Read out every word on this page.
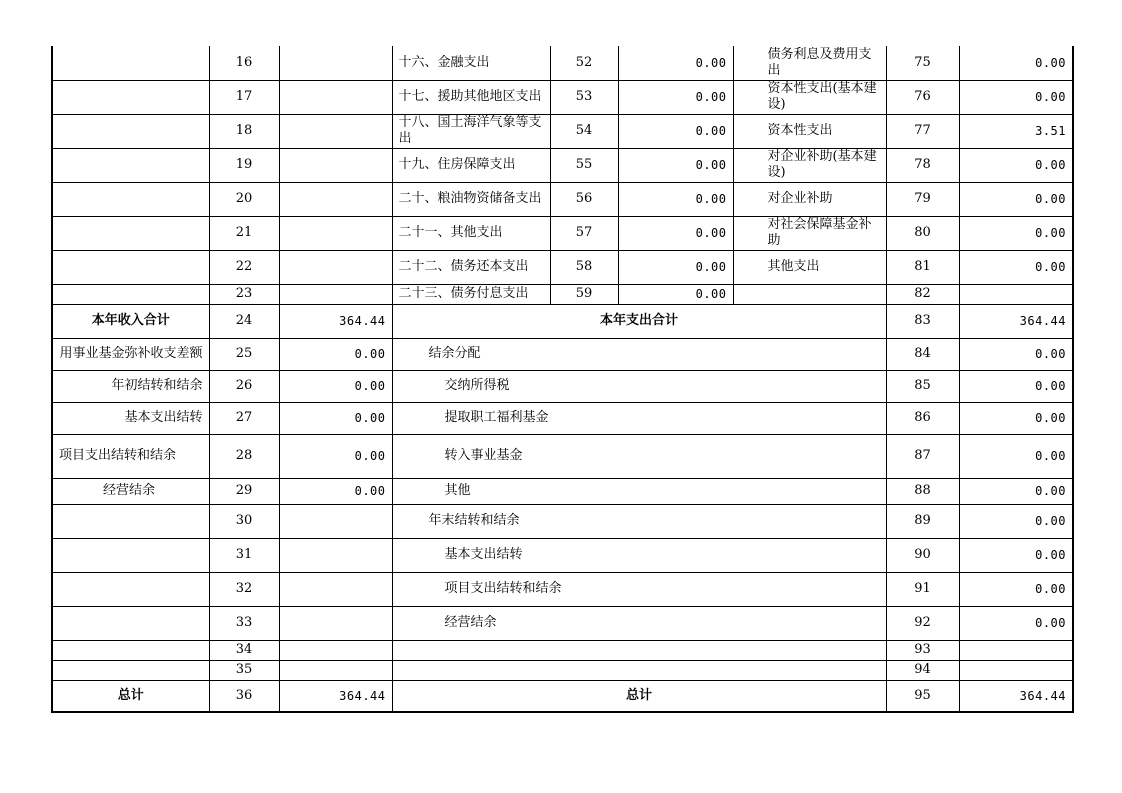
	16		十六、金融支出	52	0.00	债务利息及费用支出	75	0.00
	17		十七、援助其他地区支出	53	0.00	资本性支出(基本建设)	76	0.00
	18		十八、国土海洋气象等支出	54	0.00	资本性支出	77	3.51
	19		十九、住房保障支出	55	0.00	对企业补助(基本建设)	78	0.00
	20		二十、粮油物资储备支出	56	0.00	对企业补助	79	0.00
	21		二十一、其他支出	57	0.00	对社会保障基金补助	80	0.00
	22		二十二、债务还本支出	58	0.00	其他支出	81	0.00
	23		二十三、债务付息支出	59	0.00		82	
本年收入合计	24	364.44	本年支出合计				83	364.44

用事业基金弥补收支差额	25	0.00	结余分配				84	0.00
年初结转和结余	26	0.00	交纳所得税				85	0.00
基本支出结转	27	0.00	提取职工福利基金				86	0.00

项目支出结转和结余	28	0.00	转入事业基金				87	0.00
经营结余	29	0.00	其他				88	0.00
	30		年末结转和结余				89	0.00
	31		基本支出结转				90	0.00
	32		项目支出结转和结余				91	0.00
	33		经营结余				92	0.00
	34						93	
	35						94	
总计	36	364.44	总计				95	364.44
